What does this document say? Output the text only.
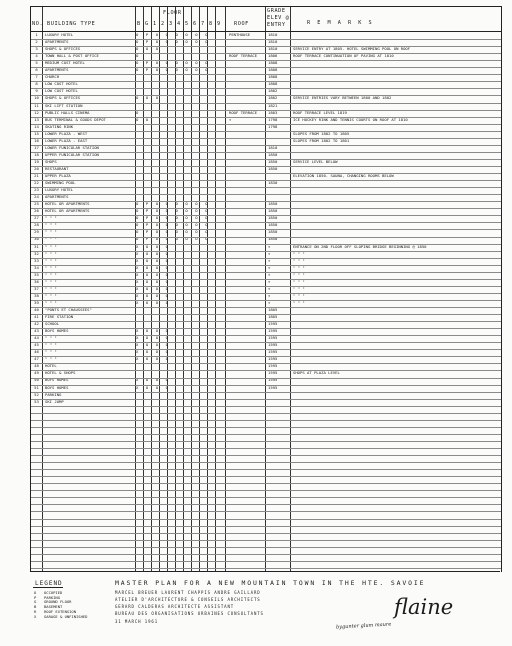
NO. BUILDING TYPE
FLOOR
B G 1 2 3 4 5 6 7 8 9	ROOF
GRADE
ELEV @
ENTRY	R E M A R K S
1	LUXURY HOTEL	O P O O O O O O	PENTHOUSE	1810
2	APARTMENTS	O P O O O O O O	1810
3	SHOPS & OFFICES	O O O	1810	SERVICE ENTRY AT 1805. HOTEL SWIMMING POOL ON ROOF
4	TOWN HALL & POST OFFICE	O	ROOF TERRACE	1806	ROOF TERRACE CONTINUATION OF PAVING AT 1810
5	MEDIUM COST HOTEL	O P O O O O O O	1808
6	APARTMENTS	O P O O O O O O	1808
7	CHURCH	1808
8	LOW COST HOTEL	1808
9	LOW COST HOTEL	1802
10	SHOPS & OFFICES	O O O	1802	SERVICE ENTRIES VARY BETWEEN 1800 AND 1802
11	SKI LIFT STATION	1821
12	PUBLIC HALLS CINEMA	O	ROOF TERRACE	1803	ROOF TERRACE LEVEL 1819
13	BUS TERMINAL & GOODS DEPOT	O O	✳	1798	ICE HOCKEY RINK AND TENNIS COURTS ON ROOF AT 1810
14	SKATING RINK	1798
15	LOWER PLAZA - WEST	SLOPES FROM 1802 TO 1805
16	LOWER PLAZA - EAST	SLOPES FROM 1802 TO 1801
17	LOWER FUNICULAR STATION	1810
18	UPPER FUNICULAR STATION	1850
19	SHOPS	1850	SERVICE LEVEL BELOW
20	RESTAURANT	1850
21	UPPER PLAZA	ELEVATION 1850. SAUNA, CHANGING ROOMS BELOW
22	SWIMMING POOL	1830
23	LUXURY HOTEL
24	APARTMENTS
25	HOTEL OR APARTMENTS	O P O O O O O O	1850
26	HOTEL OR APARTMENTS	O P O O O O O O	1850
27	" " "	O P O O O O O O	1850
28	" " "	O P O O O O O O	1850
29	" " "	O P O O O O O O	1850
30	" " "	O P O O O O O O	1850
31	" " "	X O O O	✳	ENTRANCE ON 2ND FLOOR OFF SLOPING BRIDGE BEGINNING @ 1850
32	" " "	X O O O	✳	" " "
33	" " "	X O O O	✳	" " "
34	" " "	X O O O	✳	" " "
35	" " "	X O O O	✳	" " "
36	" " "	X O O O	✳	" " "
37	" " "	X O O O	✳	" " "
38	" " "	X O O O	✳	" " "
39	" " "	X O O O	✳	" " "
40	"PONTS ET CHAUSSEES"	1805
41	FIRE STATION	1805
42	SCHOOL	1595
43	BOYS HOMES	X O O O	1595
44	" " "	X O O O	1595
45	" " "	X O O O	1595
46	" " "	X O O O	1595
47	" " "	X O O O	1595
48	HOTEL	1595
49	HOTEL & SHOPS	1595	SHOPS AT PLAZA LEVEL
50	BOYS HOMES	X O O O	1595
51	BOYS HOMES	X O O O	1595
52	PARKING
53	SKI JUMP
LEGEND
O OCCUPIED
P PARKING
G GROUND FLOOR
B BASEMENT
R ROOF EXTENSION
X GARAGE & UNFINISHED
MASTER PLAN FOR A NEW MOUNTAIN TOWN IN THE HTE. SAVOIE
MARCEL BREUER LAURENT CHAPPIS ANDRE GAILLARD
ATELIER D'ARCHITECTURE & CONSEILS ARCHITECTS
GERARD CALDERAS ARCHITECTE ASSISTANT
BUREAU DES ORGANISATIONS URBAINES CONSULTANTS
31 MARCH 1961
flaine
bygunter glum maure
